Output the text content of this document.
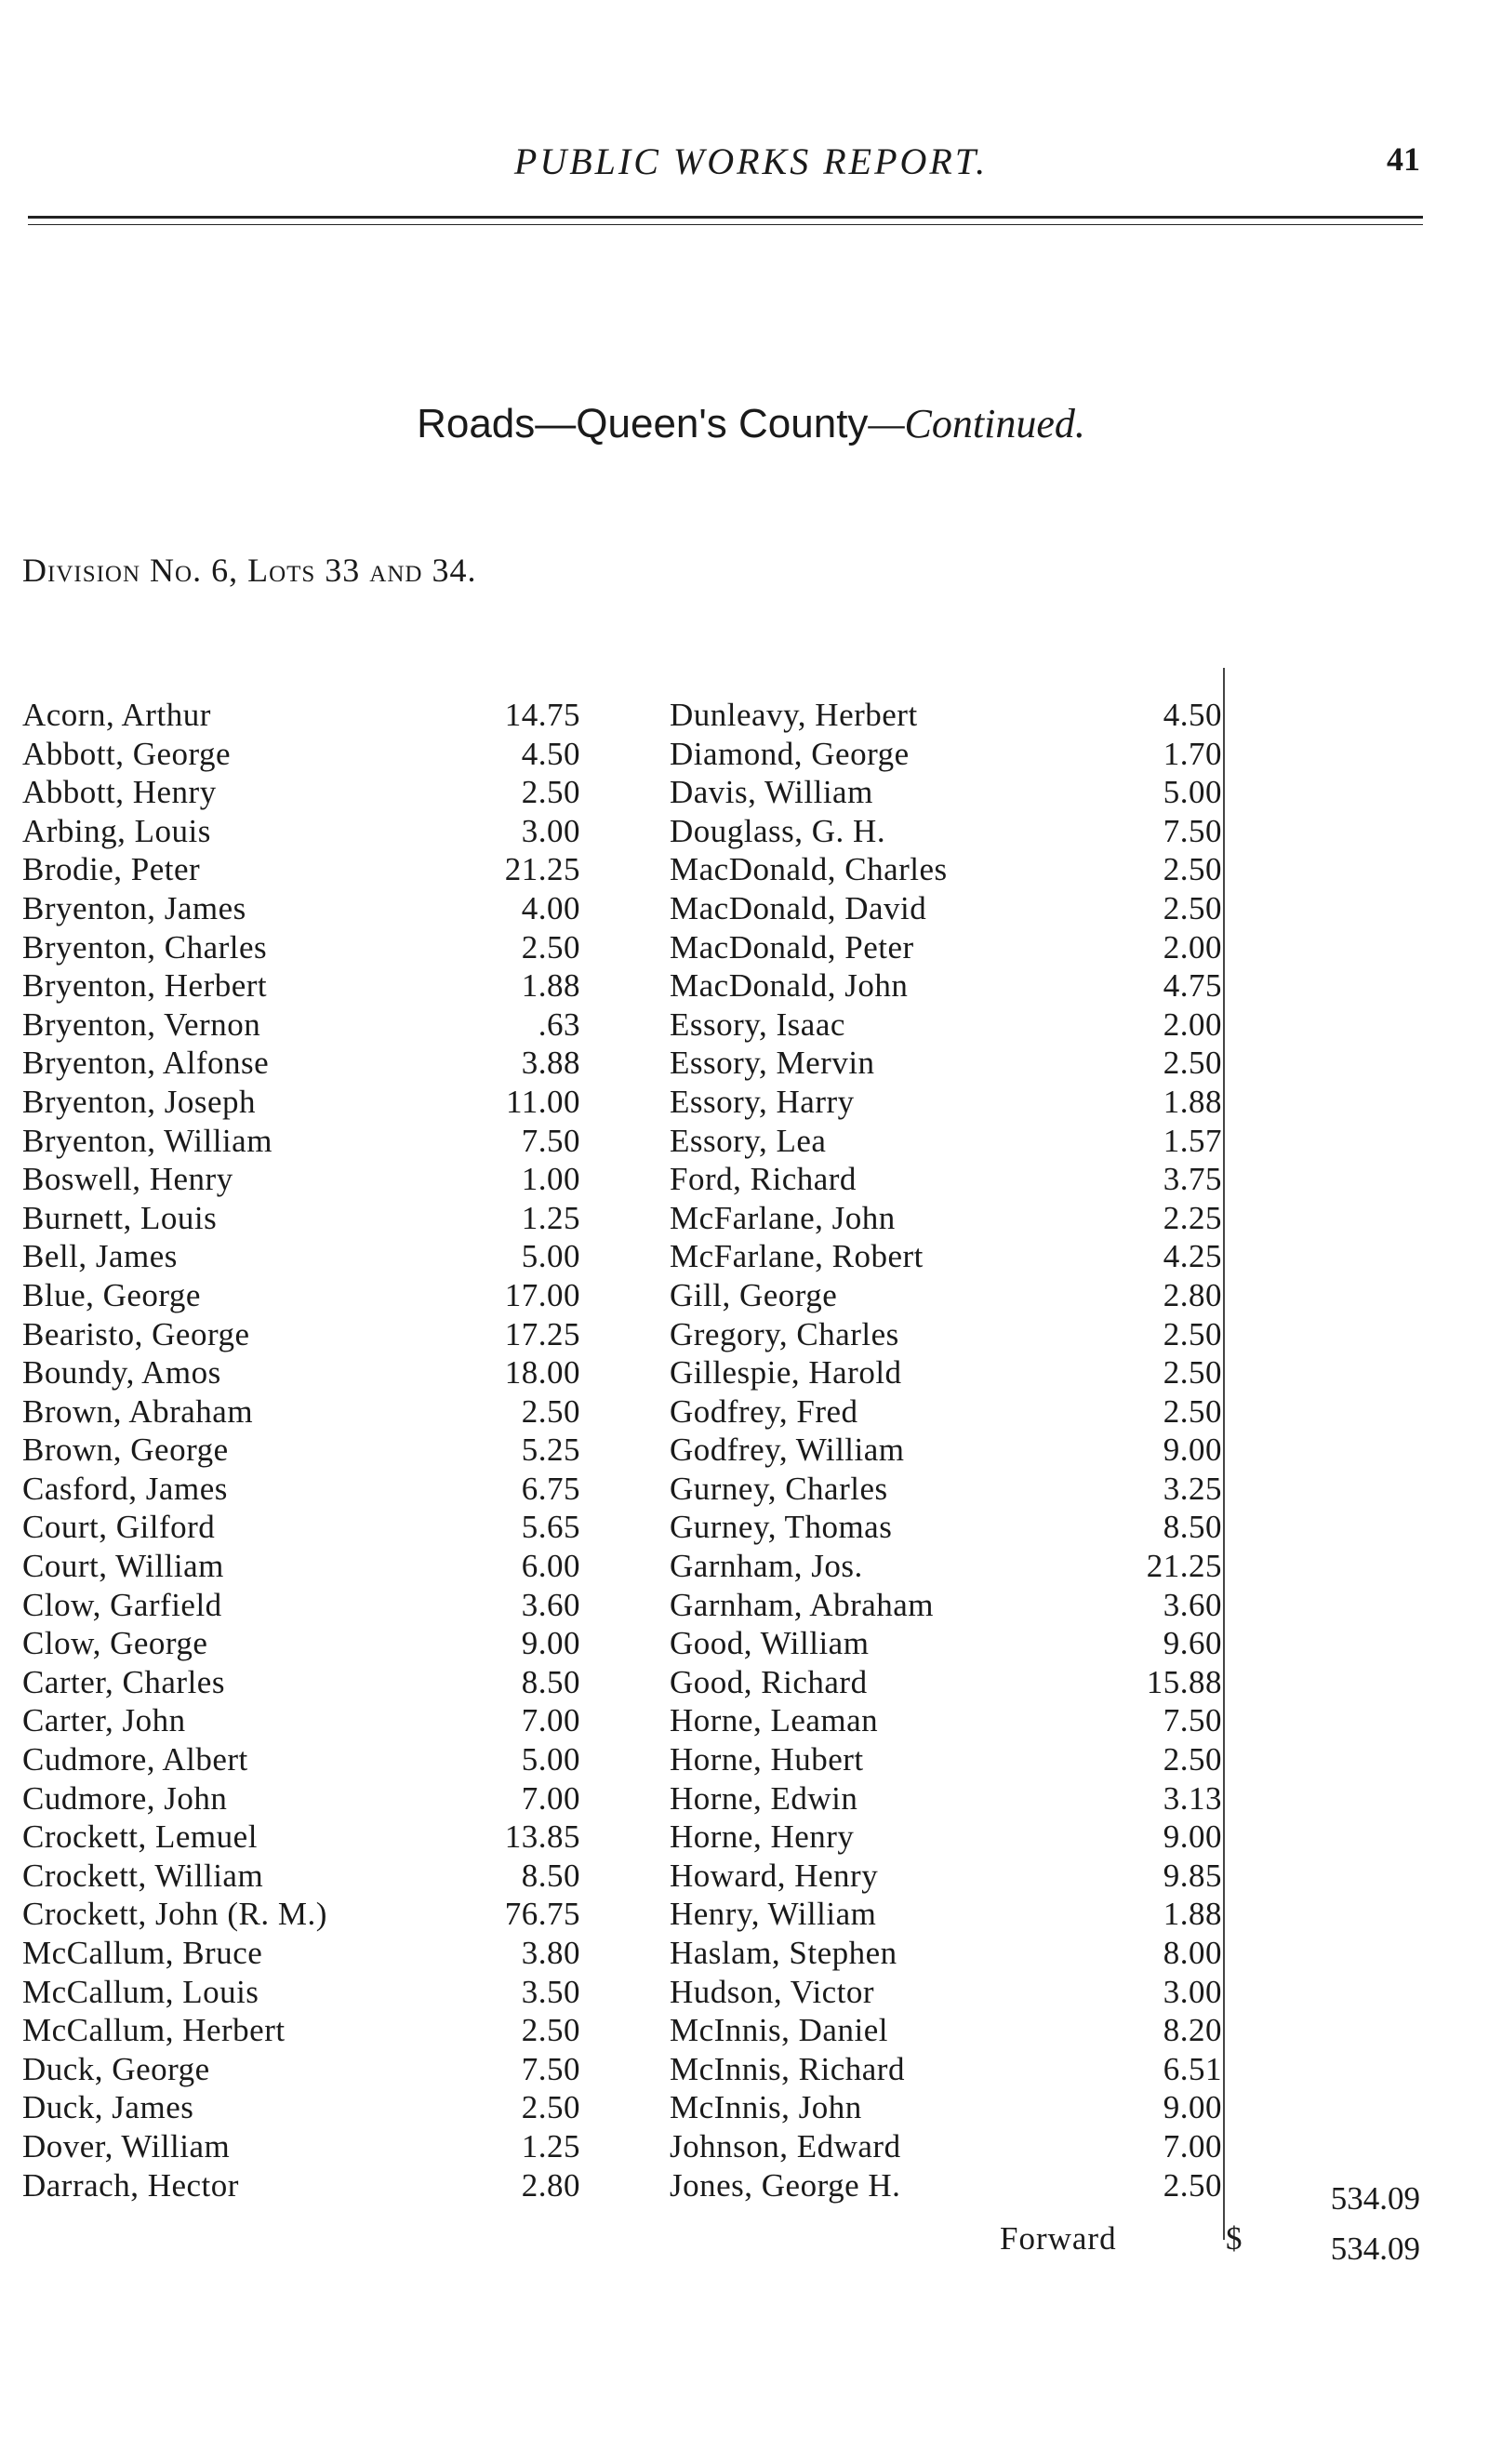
PUBLIC WORKS REPORT.	41
Roads—Queen's County—Continued.
Division No. 6, Lots 33 and 34.
Acorn, Arthur	14.75
Abbott, George	4.50
Abbott, Henry	2.50
Arbing, Louis	3.00
Brodie, Peter	21.25
Bryenton, James	4.00
Bryenton, Charles	2.50
Bryenton, Herbert	1.88
Bryenton, Vernon	.63
Bryenton, Alfonse	3.88
Bryenton, Joseph	11.00
Bryenton, William	7.50
Boswell, Henry	1.00
Burnett, Louis	1.25
Bell, James	5.00
Blue, George	17.00
Bearisto, George	17.25
Boundy, Amos	18.00
Brown, Abraham	2.50
Brown, George	5.25
Casford, James	6.75
Court, Gilford	5.65
Court, William	6.00
Clow, Garfield	3.60
Clow, George	9.00
Carter, Charles	8.50
Carter, John	7.00
Cudmore, Albert	5.00
Cudmore, John	7.00
Crockett, Lemuel	13.85
Crockett, William	8.50
Crockett, John (R. M.)	76.75
McCallum, Bruce	3.80
McCallum, Louis	3.50
McCallum, Herbert	2.50
Duck, George	7.50
Duck, James	2.50
Dover, William	1.25
Darrach, Hector	2.80
Dunleavy, Herbert	4.50
Diamond, George	1.70
Davis, William	5.00
Douglass, G. H.	7.50
MacDonald, Charles	2.50
MacDonald, David	2.50
MacDonald, Peter	2.00
MacDonald, John	4.75
Essory, Isaac	2.00
Essory, Mervin	2.50
Essory, Harry	1.88
Essory, Lea	1.57
Ford, Richard	3.75
McFarlane, John	2.25
McFarlane, Robert	4.25
Gill, George	2.80
Gregory, Charles	2.50
Gillespie, Harold	2.50
Godfrey, Fred	2.50
Godfrey, William	9.00
Gurney, Charles	3.25
Gurney, Thomas	8.50
Garnham, Jos.	21.25
Garnham, Abraham	3.60
Good, William	9.60
Good, Richard	15.88
Horne, Leaman	7.50
Horne, Hubert	2.50
Horne, Edwin	3.13
Horne, Henry	9.00
Howard, Henry	9.85
Henry, William	1.88
Haslam, Stephen	8.00
Hudson, Victor	3.00
McInnis, Daniel	8.20
McInnis, Richard	6.51
McInnis, John	9.00
Johnson, Edward	7.00
Jones, George H.	2.50	534.09
Forward	$	534.09
